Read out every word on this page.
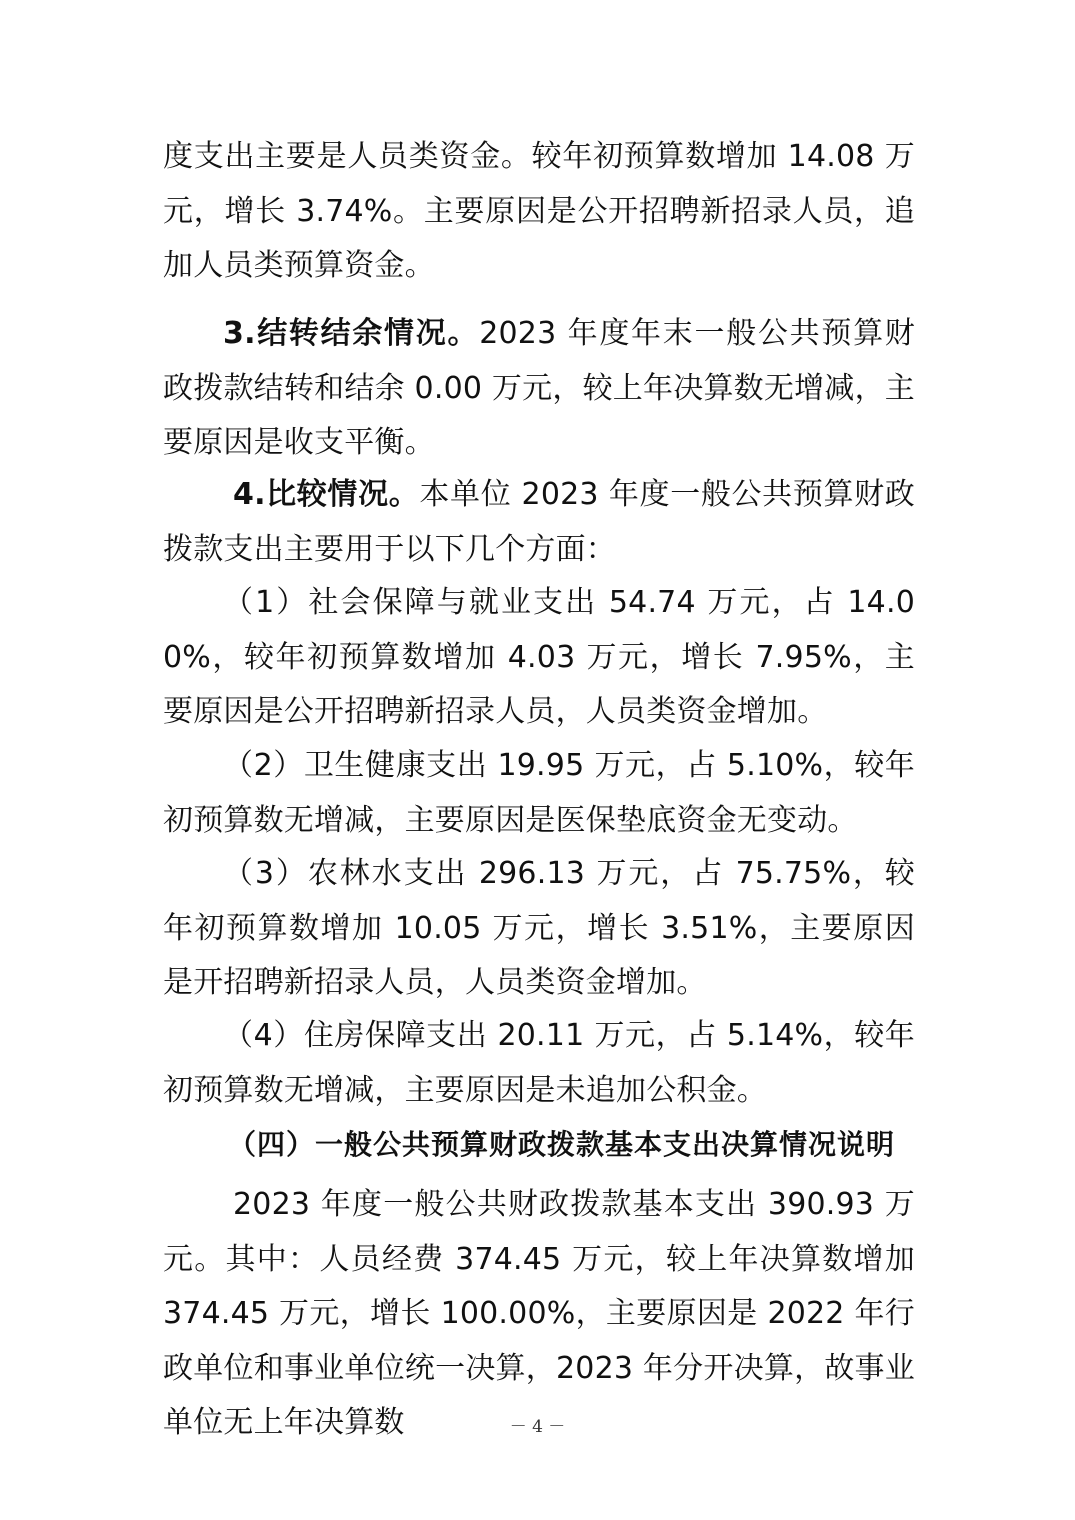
度支出主要是人员类资金。较年初预算数增加 14.08 万元，增长 3.74%。主要原因是公开招聘新招录人员，追加人员类预算资金。

3.结转结余情况。2023 年度年末一般公共预算财政拨款结转和结余 0.00 万元，较上年决算数无增减，主要原因是收支平衡。

4.比较情况。本单位 2023 年度一般公共预算财政拨款支出主要用于以下几个方面：

（1）社会保障与就业支出 54.74 万元，占 14.00%，较年初预算数增加 4.03 万元，增长 7.95%，主要原因是公开招聘新招录人员，人员类资金增加。

（2）卫生健康支出 19.95 万元，占 5.10%，较年初预算数无增减，主要原因是医保垫底资金无变动。

（3）农林水支出 296.13 万元，占 75.75%，较年初预算数增加 10.05 万元，增长 3.51%，主要原因是开招聘新招录人员，人员类资金增加。

（4）住房保障支出 20.11 万元，占 5.14%，较年初预算数无增减，主要原因是未追加公积金。

（四）一般公共预算财政拨款基本支出决算情况说明

2023 年度一般公共财政拨款基本支出 390.93 万元。其中：人员经费 374.45 万元，较上年决算数增加 374.45 万元，增长 100.00%，主要原因是 2022 年行政单位和事业单位统一决算，2023 年分开决算，故事业单位无上年决算数	－ 4 －
